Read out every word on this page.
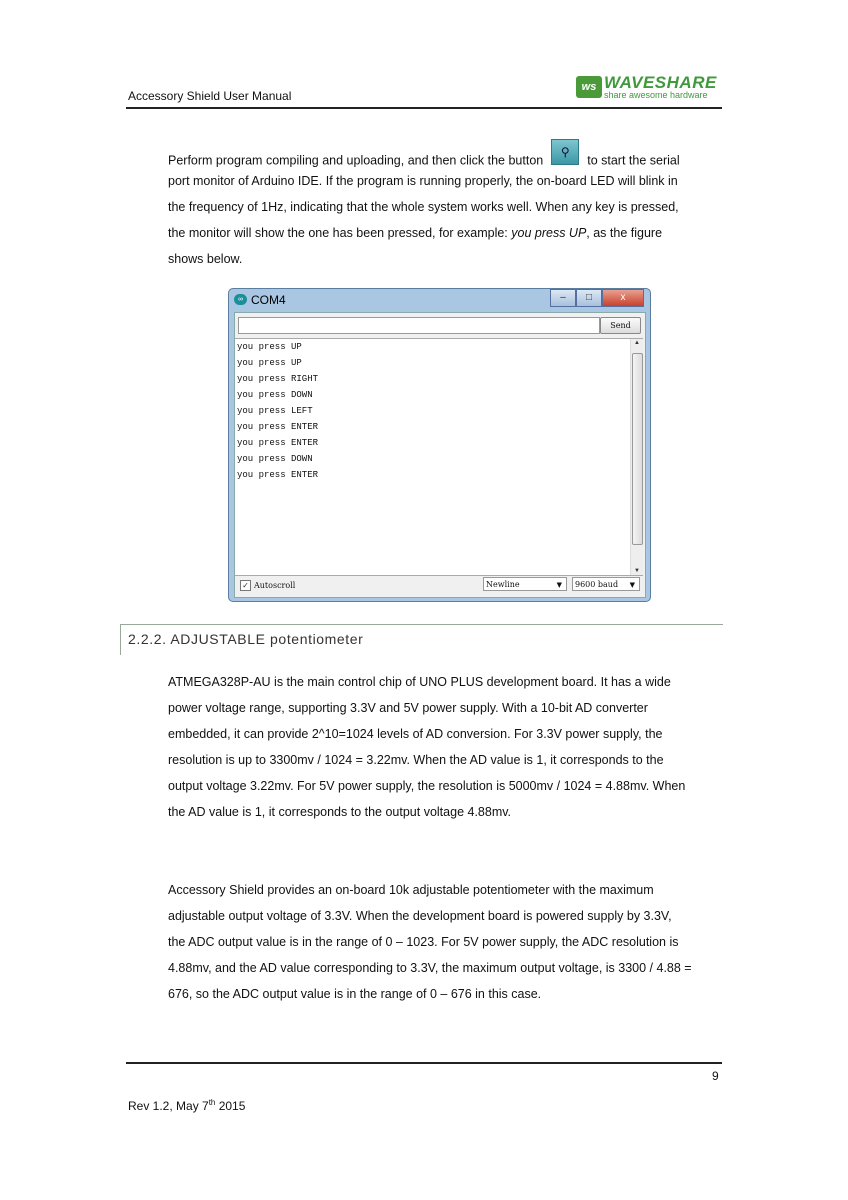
Accessory Shield User Manual
ws WAVESHARE
share awesome hardware
Perform program compiling and uploading, and then click the button⚲to start the serial
port monitor of Arduino IDE. If the program is running properly, the on-board LED will blink in
the frequency of 1Hz, indicating that the whole system works well. When any key is pressed,
the monitor will show the one has been pressed, for example: you press UP, as the figure
shows below.
∞ COM4	–	□	x
Send
you press UP
you press UP
you press RIGHT
you press DOWN
you press LEFT
you press ENTER
you press ENTER
you press DOWN
you press ENTER
▲
▼
✓ Autoscroll	Newline	▼	9600 baud ▼
2.2.2. ADJUSTABLE potentiometer
ATMEGA328P-AU is the main control chip of UNO PLUS development board. It has a wide
power voltage range, supporting 3.3V and 5V power supply. With a 10-bit AD converter
embedded, it can provide 2^10=1024 levels of AD conversion. For 3.3V power supply, the
resolution is up to 3300mv / 1024 = 3.22mv. When the AD value is 1, it corresponds to the
output voltage 3.22mv. For 5V power supply, the resolution is 5000mv / 1024 = 4.88mv. When
the AD value is 1, it corresponds to the output voltage 4.88mv.
Accessory Shield provides an on-board 10k adjustable potentiometer with the maximum
adjustable output voltage of 3.3V. When the development board is powered supply by 3.3V,
the ADC output value is in the range of 0 – 1023. For 5V power supply, the ADC resolution is
4.88mv, and the AD value corresponding to 3.3V, the maximum output voltage, is 3300 / 4.88 =
676, so the ADC output value is in the range of 0 – 676 in this case.
9
Rev 1.2, May 7th 2015
